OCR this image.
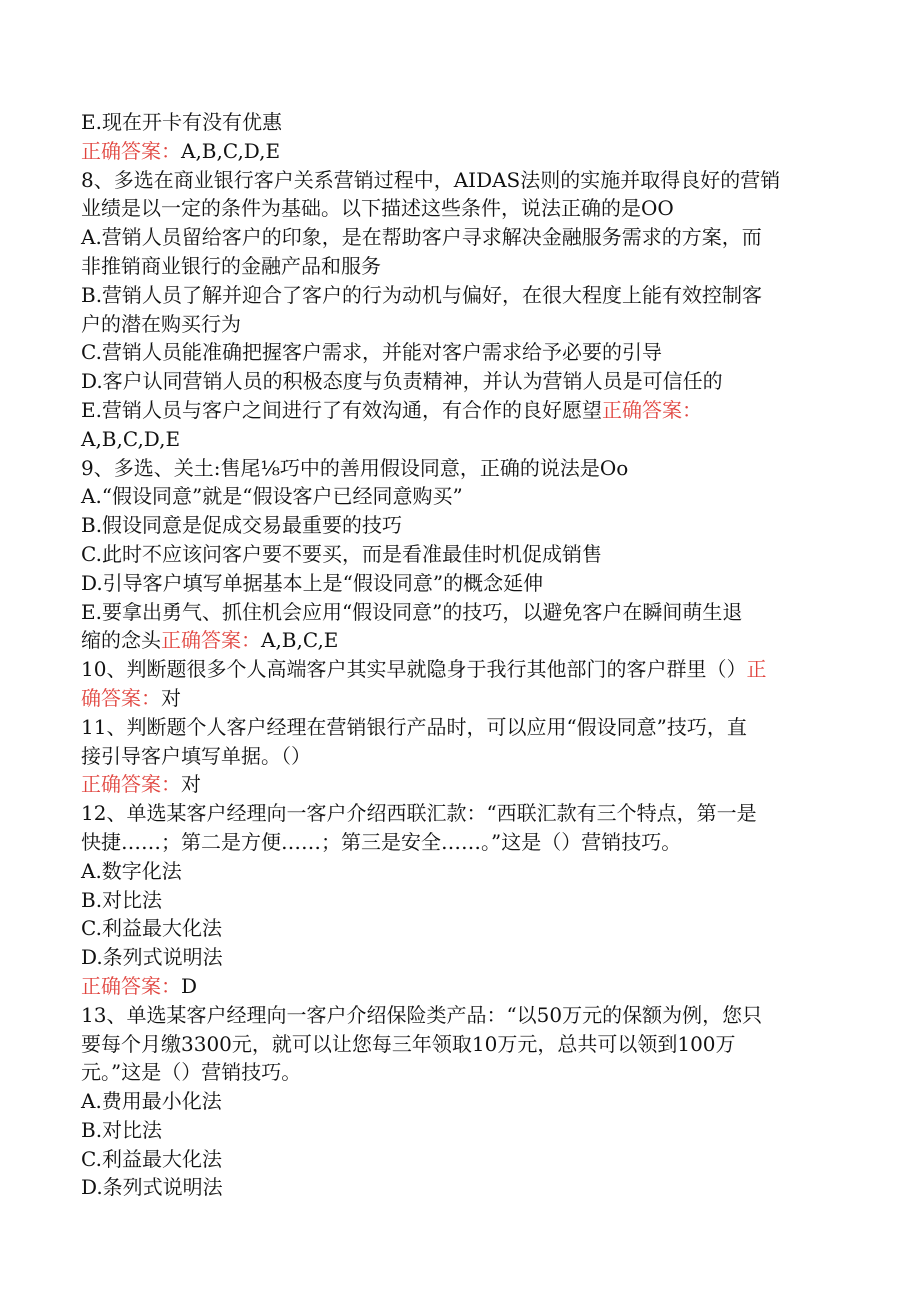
E.现在开卡有没有优惠
正确答案：A,B,C,D,E
8、多选在商业银行客户关系营销过程中，AIDAS法则的实施并取得良好的营销
业绩是以一定的条件为基础。以下描述这些条件，说法正确的是OO
A.营销人员留给客户的印象，是在帮助客户寻求解决金融服务需求的方案，而
非推销商业银行的金融产品和服务
B.营销人员了解并迎合了客户的行为动机与偏好，在很大程度上能有效控制客
户的潜在购买行为
C.营销人员能准确把握客户需求，并能对客户需求给予必要的引导
D.客户认同营销人员的积极态度与负责精神，并认为营销人员是可信任的
E.营销人员与客户之间进行了有效沟通，有合作的良好愿望正确答案：
A,B,C,D,E
9、多选、关土:售尾⅛巧中的善用假设同意，正确的说法是Oo
A.“假设同意”就是“假设客户已经同意购买”
B.假设同意是促成交易最重要的技巧
C.此时不应该问客户要不要买，而是看准最佳时机促成销售
D.引导客户填写单据基本上是“假设同意”的概念延伸
E.要拿出勇气、抓住机会应用“假设同意”的技巧，以避免客户在瞬间萌生退
缩的念头正确答案：A,B,C,E
10、判断题很多个人高端客户其实早就隐身于我行其他部门的客户群里（）正
确答案：对
11、判断题个人客户经理在营销银行产品时，可以应用“假设同意”技巧，直
接引导客户填写单据。（）
正确答案：对
12、单选某客户经理向一客户介绍西联汇款：“西联汇款有三个特点，第一是
快捷……；第二是方便……；第三是安全……。”这是（）营销技巧。
A.数字化法
B.对比法
C.利益最大化法
D.条列式说明法
正确答案：D
13、单选某客户经理向一客户介绍保险类产品：“以50万元的保额为例，您只
要每个月缴3300元，就可以让您每三年领取10万元，总共可以领到100万
元。”这是（）营销技巧。
A.费用最小化法
B.对比法
C.利益最大化法
D.条列式说明法
